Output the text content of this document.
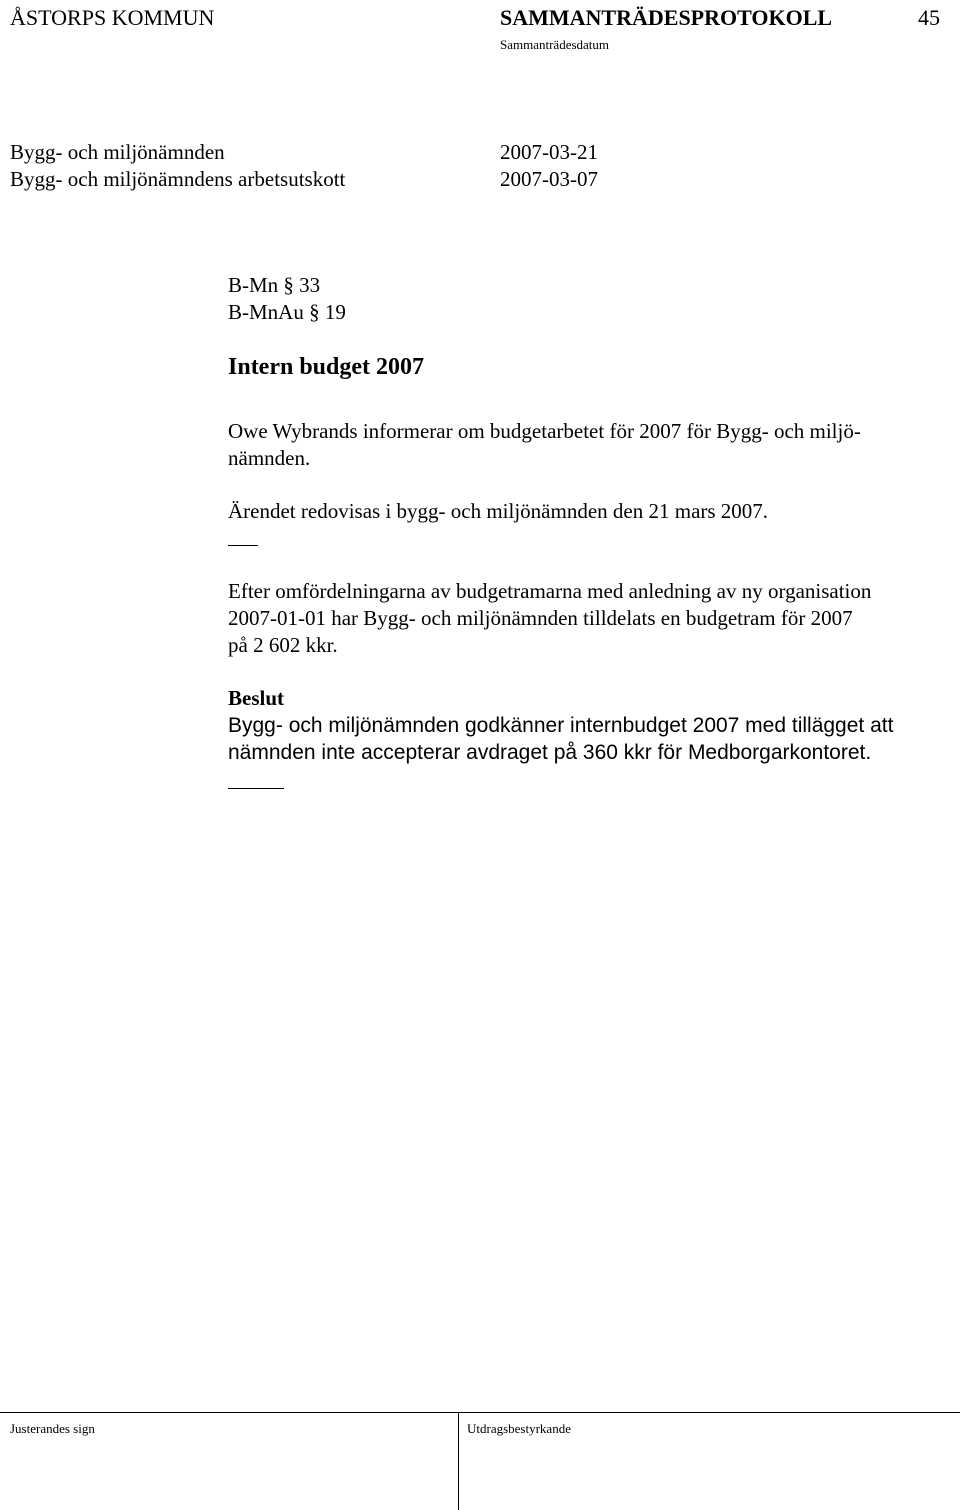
ÅSTORPS KOMMUN	SAMMANTRÄDESPROTOKOLL	45
Sammanträdesdatum
Bygg- och miljönämnden	2007-03-21
Bygg- och miljönämndens arbetsutskott	2007-03-07
B-Mn § 33
B-MnAu § 19
Intern budget 2007
Owe Wybrands informerar om budgetarbetet för 2007 för Bygg- och miljö-
nämnden.
Ärendet redovisas i bygg- och miljönämnden den 21 mars 2007.
Efter omfördelningarna av budgetramarna med anledning av ny organisation
2007-01-01 har Bygg- och miljönämnden tilldelats en budgetram för 2007
på 2 602 kkr.
Beslut
Bygg- och miljönämnden godkänner internbudget 2007 med tillägget att
nämnden inte accepterar avdraget på 360 kkr för Medborgarkontoret.
Justerandes sign	Utdragsbestyrkande
